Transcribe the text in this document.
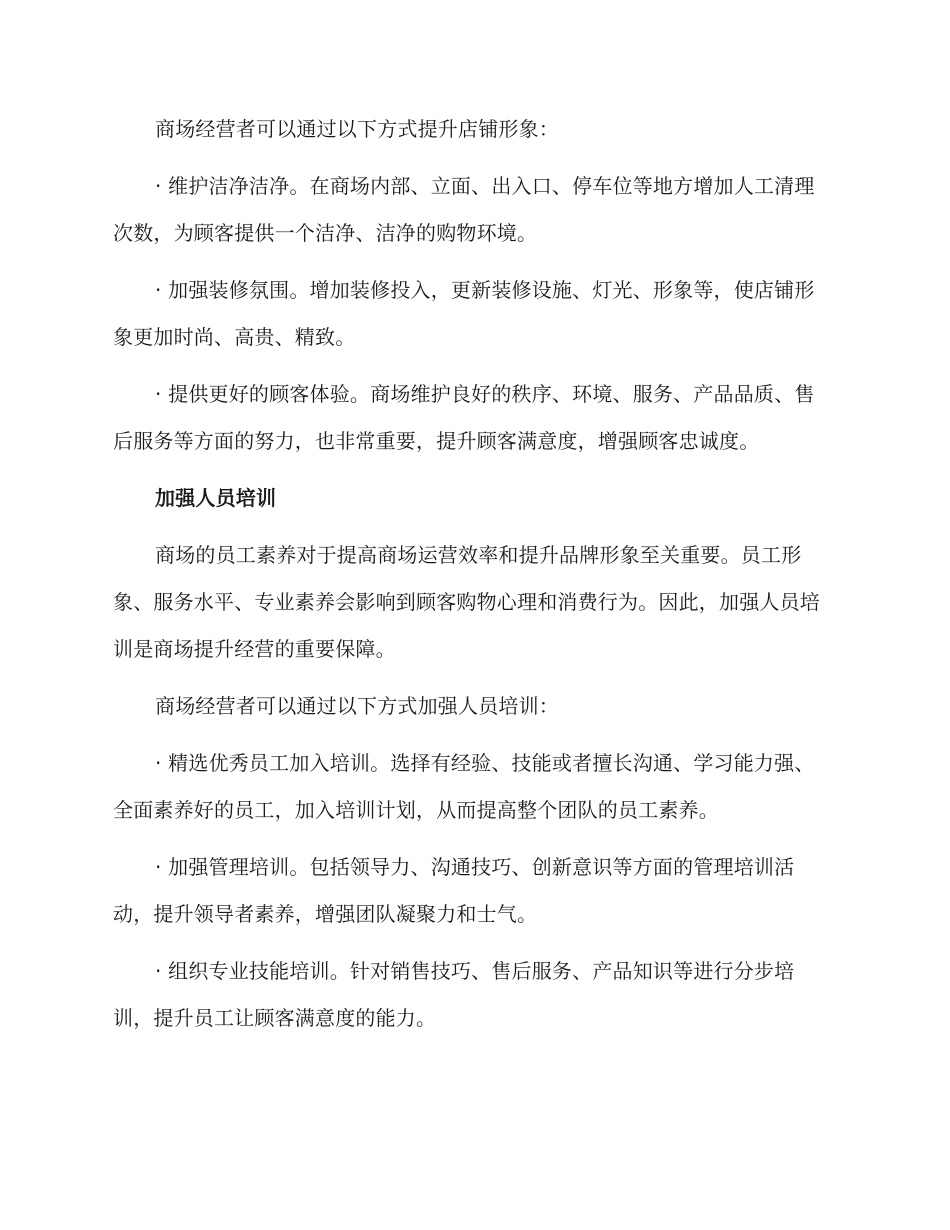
商场经营者可以通过以下方式提升店铺形象：

· 维护洁净洁净。在商场内部、立面、出入口、停车位等地方增加人工清理次数，为顾客提供一个洁净、洁净的购物环境。

· 加强装修氛围。增加装修投入，更新装修设施、灯光、形象等，使店铺形象更加时尚、高贵、精致。

· 提供更好的顾客体验。商场维护良好的秩序、环境、服务、产品品质、售后服务等方面的努力，也非常重要，提升顾客满意度，增强顾客忠诚度。

加强人员培训

商场的员工素养对于提高商场运营效率和提升品牌形象至关重要。员工形象、服务水平、专业素养会影响到顾客购物心理和消费行为。因此，加强人员培训是商场提升经营的重要保障。

商场经营者可以通过以下方式加强人员培训：

· 精选优秀员工加入培训。选择有经验、技能或者擅长沟通、学习能力强、全面素养好的员工，加入培训计划，从而提高整个团队的员工素养。

· 加强管理培训。包括领导力、沟通技巧、创新意识等方面的管理培训活动，提升领导者素养，增强团队凝聚力和士气。

· 组织专业技能培训。针对销售技巧、售后服务、产品知识等进行分步培训，提升员工让顾客满意度的能力。
